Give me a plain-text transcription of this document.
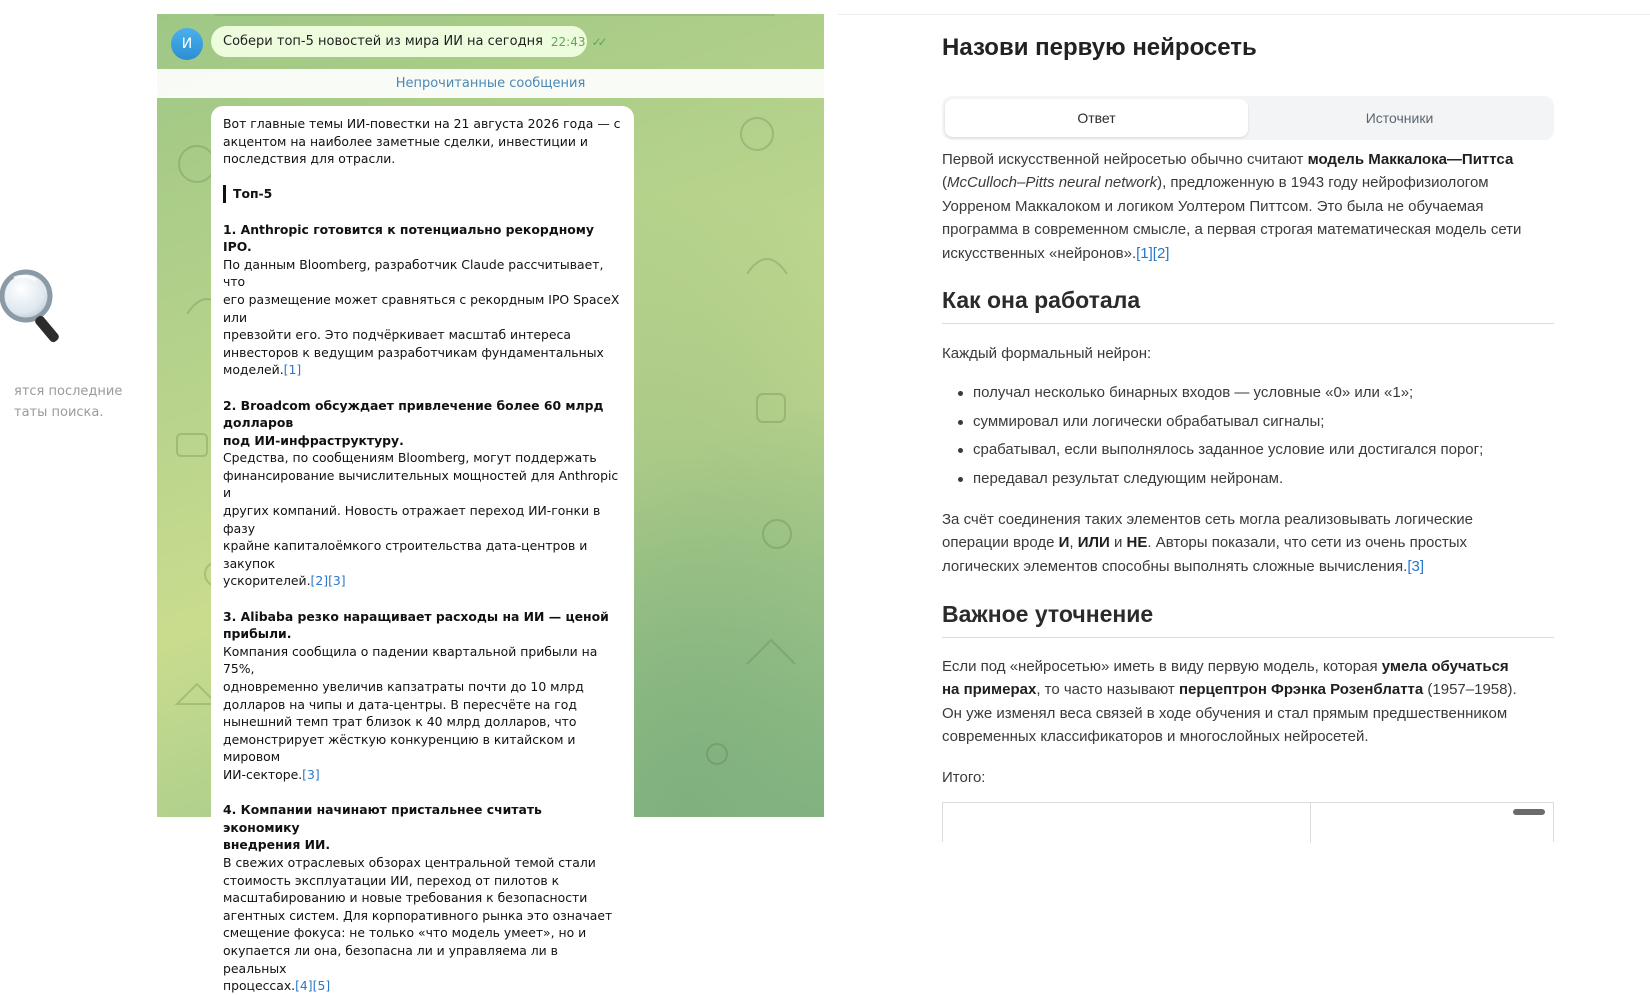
ятся последние
таты поиска.
И	Собери топ-5 новостей из мира ИИ на сегодня 22:43 ✓✓
Непрочитанные сообщения

Вот главные темы ИИ-повестки на 21 августа 2026 года — с
акцентом на наиболее заметные сделки, инвестиции и
последствия для отрасли.

Топ-5

1. Anthropic готовится к потенциально рекордному IPO.
По данным Bloomberg, разработчик Claude рассчитывает, что
его размещение может сравняться с рекордным IPO SpaceX или
превзойти его. Это подчёркивает масштаб интереса
инвесторов к ведущим разработчикам фундаментальных
моделей.[1]

2. Broadcom обсуждает привлечение более 60 млрд долларов
под ИИ-инфраструктуру.
Средства, по сообщениям Bloomberg, могут поддержать
финансирование вычислительных мощностей для Anthropic и
других компаний. Новость отражает переход ИИ-гонки в фазу
крайне капиталоёмкого строительства дата-центров и закупок
ускорителей.[2][3]

3. Alibaba резко наращивает расходы на ИИ — ценой
прибыли.
Компания сообщила о падении квартальной прибыли на 75%,
одновременно увеличив капзатраты почти до 10 млрд
долларов на чипы и дата-центры. В пересчёте на год
нынешний темп трат близок к 40 млрд долларов, что
демонстрирует жёсткую конкуренцию в китайском и мировом
ИИ-секторе.[3]

4. Компании начинают пристальнее считать экономику
внедрения ИИ.
В свежих отраслевых обзорах центральной темой стали
стоимость эксплуатации ИИ, переход от пилотов к
масштабированию и новые требования к безопасности
агентных систем. Для корпоративного рынка это означает
смещение фокуса: не только «что модель умеет», но и
окупается ли она, безопасна ли и управляема ли в реальных
процессах.[4][5]

Назови первую нейросеть
Ответ	Источники
Первой искусственной нейросетью обычно считают модель Маккалока—Питтса
(McCulloch–Pitts neural network), предложенную в 1943 году нейрофизиологом
Уорреном Маккалоком и логиком Уолтером Питтсом. Это была не обучаемая
программа в современном смысле, а первая строгая математическая модель сети
искусственных «нейронов».[1][2]
Как она работала
Каждый формальный нейрон:
получал несколько бинарных входов — условные «0» или «1»;
суммировал или логически обрабатывал сигналы;
срабатывал, если выполнялось заданное условие или достигался порог;
передавал результат следующим нейронам.
За счёт соединения таких элементов сеть могла реализовывать логические
операции вроде И, ИЛИ и НЕ. Авторы показали, что сети из очень простых
логических элементов способны выполнять сложные вычисления.[3]
Важное уточнение
Если под «нейросетью» иметь в виду первую модель, которая умела обучаться
на примерах, то часто называют перцептрон Фрэнка Розенблатта (1957–1958).
Он уже изменял веса связей в ходе обучения и стал прямым предшественником
современных классификаторов и многослойных нейросетей.
Итого:
